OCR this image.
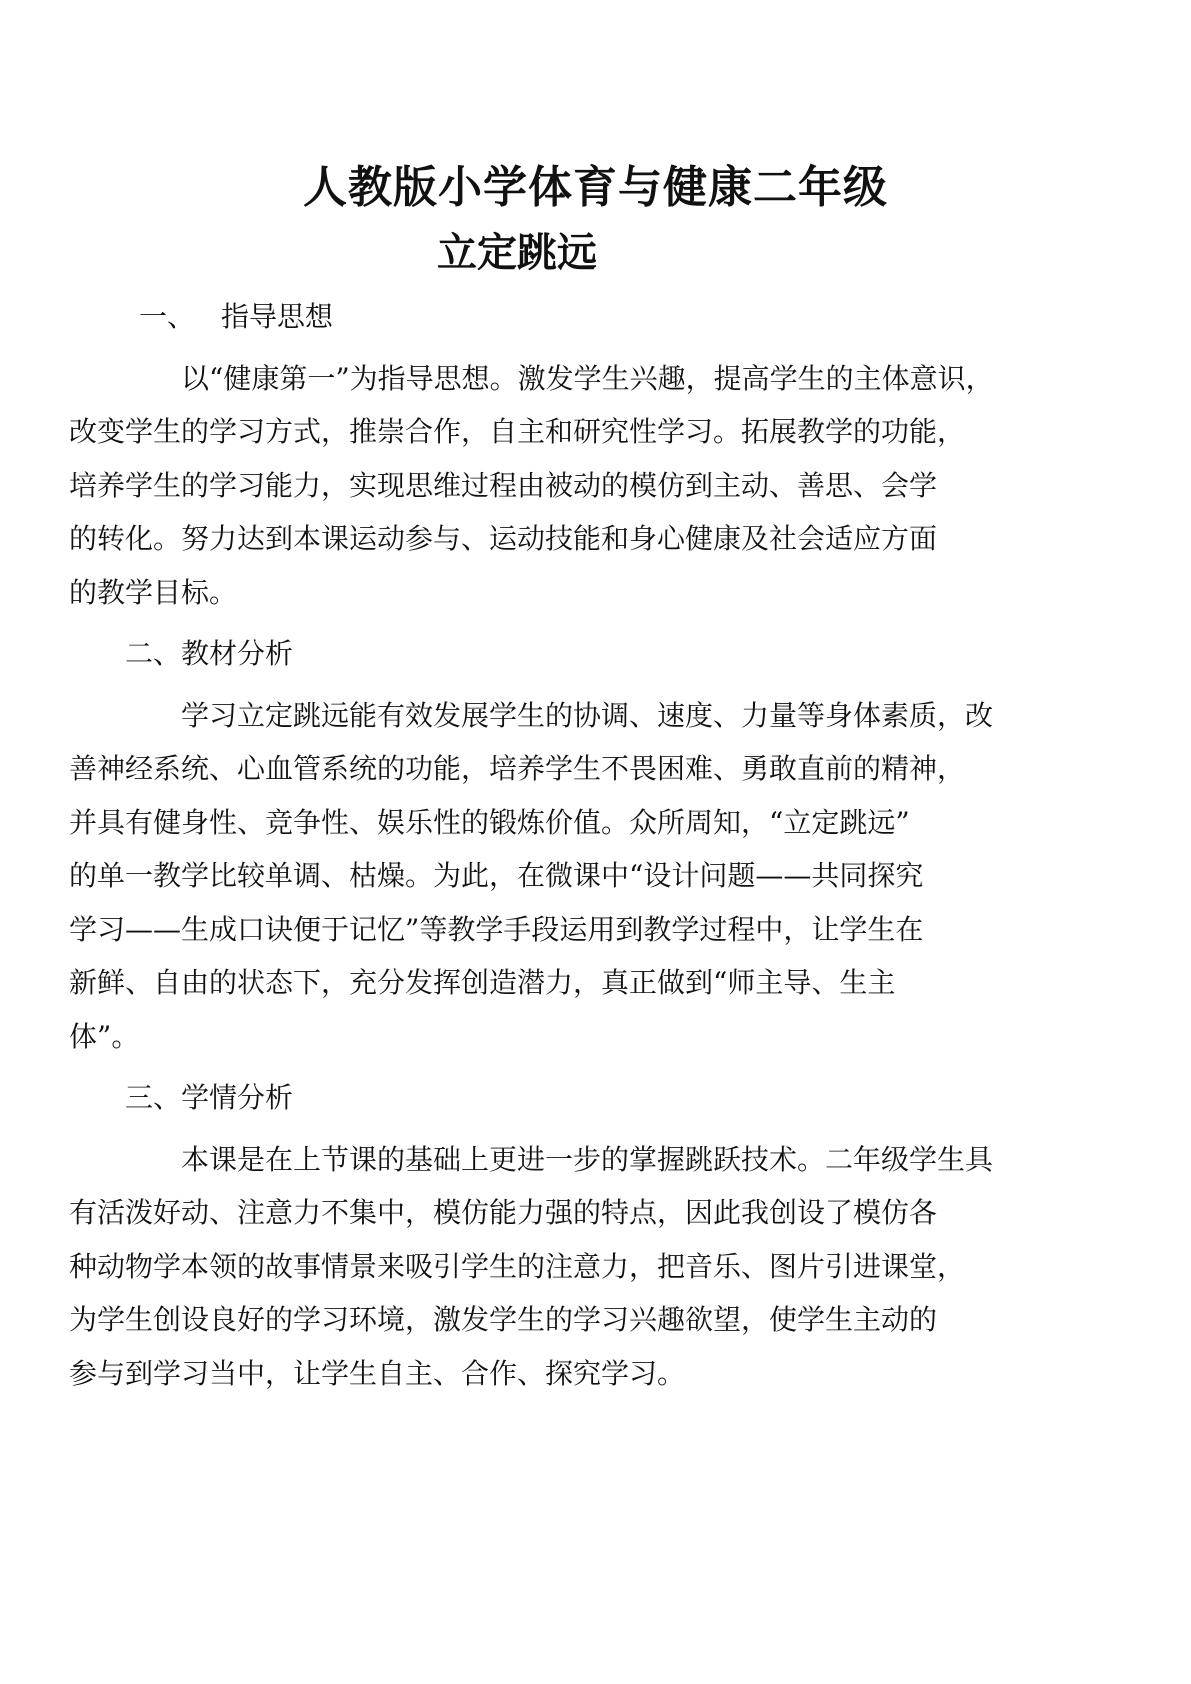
人教版小学体育与健康二年级
立定跳远

一、 指导思想

以“健康第一”为指导思想。激发学生兴趣，提高学生的主体意识，
改变学生的学习方式，推崇合作，自主和研究性学习。拓展教学的功能，
培养学生的学习能力，实现思维过程由被动的模仿到主动、善思、会学
的转化。努力达到本课运动参与、运动技能和身心健康及社会适应方面
的教学目标。

二、教材分析

学习立定跳远能有效发展学生的协调、速度、力量等身体素质，改
善神经系统、心血管系统的功能，培养学生不畏困难、勇敢直前的精神，
并具有健身性、竞争性、娱乐性的锻炼价值。众所周知，“立定跳远”
的单一教学比较单调、枯燥。为此，在微课中“设计问题——共同探究
学习——生成口诀便于记忆”等教学手段运用到教学过程中，让学生在
新鲜、自由的状态下，充分发挥创造潜力，真正做到“师主导、生主
体”。

三、学情分析

本课是在上节课的基础上更进一步的掌握跳跃技术。二年级学生具
有活泼好动、注意力不集中，模仿能力强的特点，因此我创设了模仿各
种动物学本领的故事情景来吸引学生的注意力，把音乐、图片引进课堂，
为学生创设良好的学习环境，激发学生的学习兴趣欲望，使学生主动的
参与到学习当中，让学生自主、合作、探究学习。
